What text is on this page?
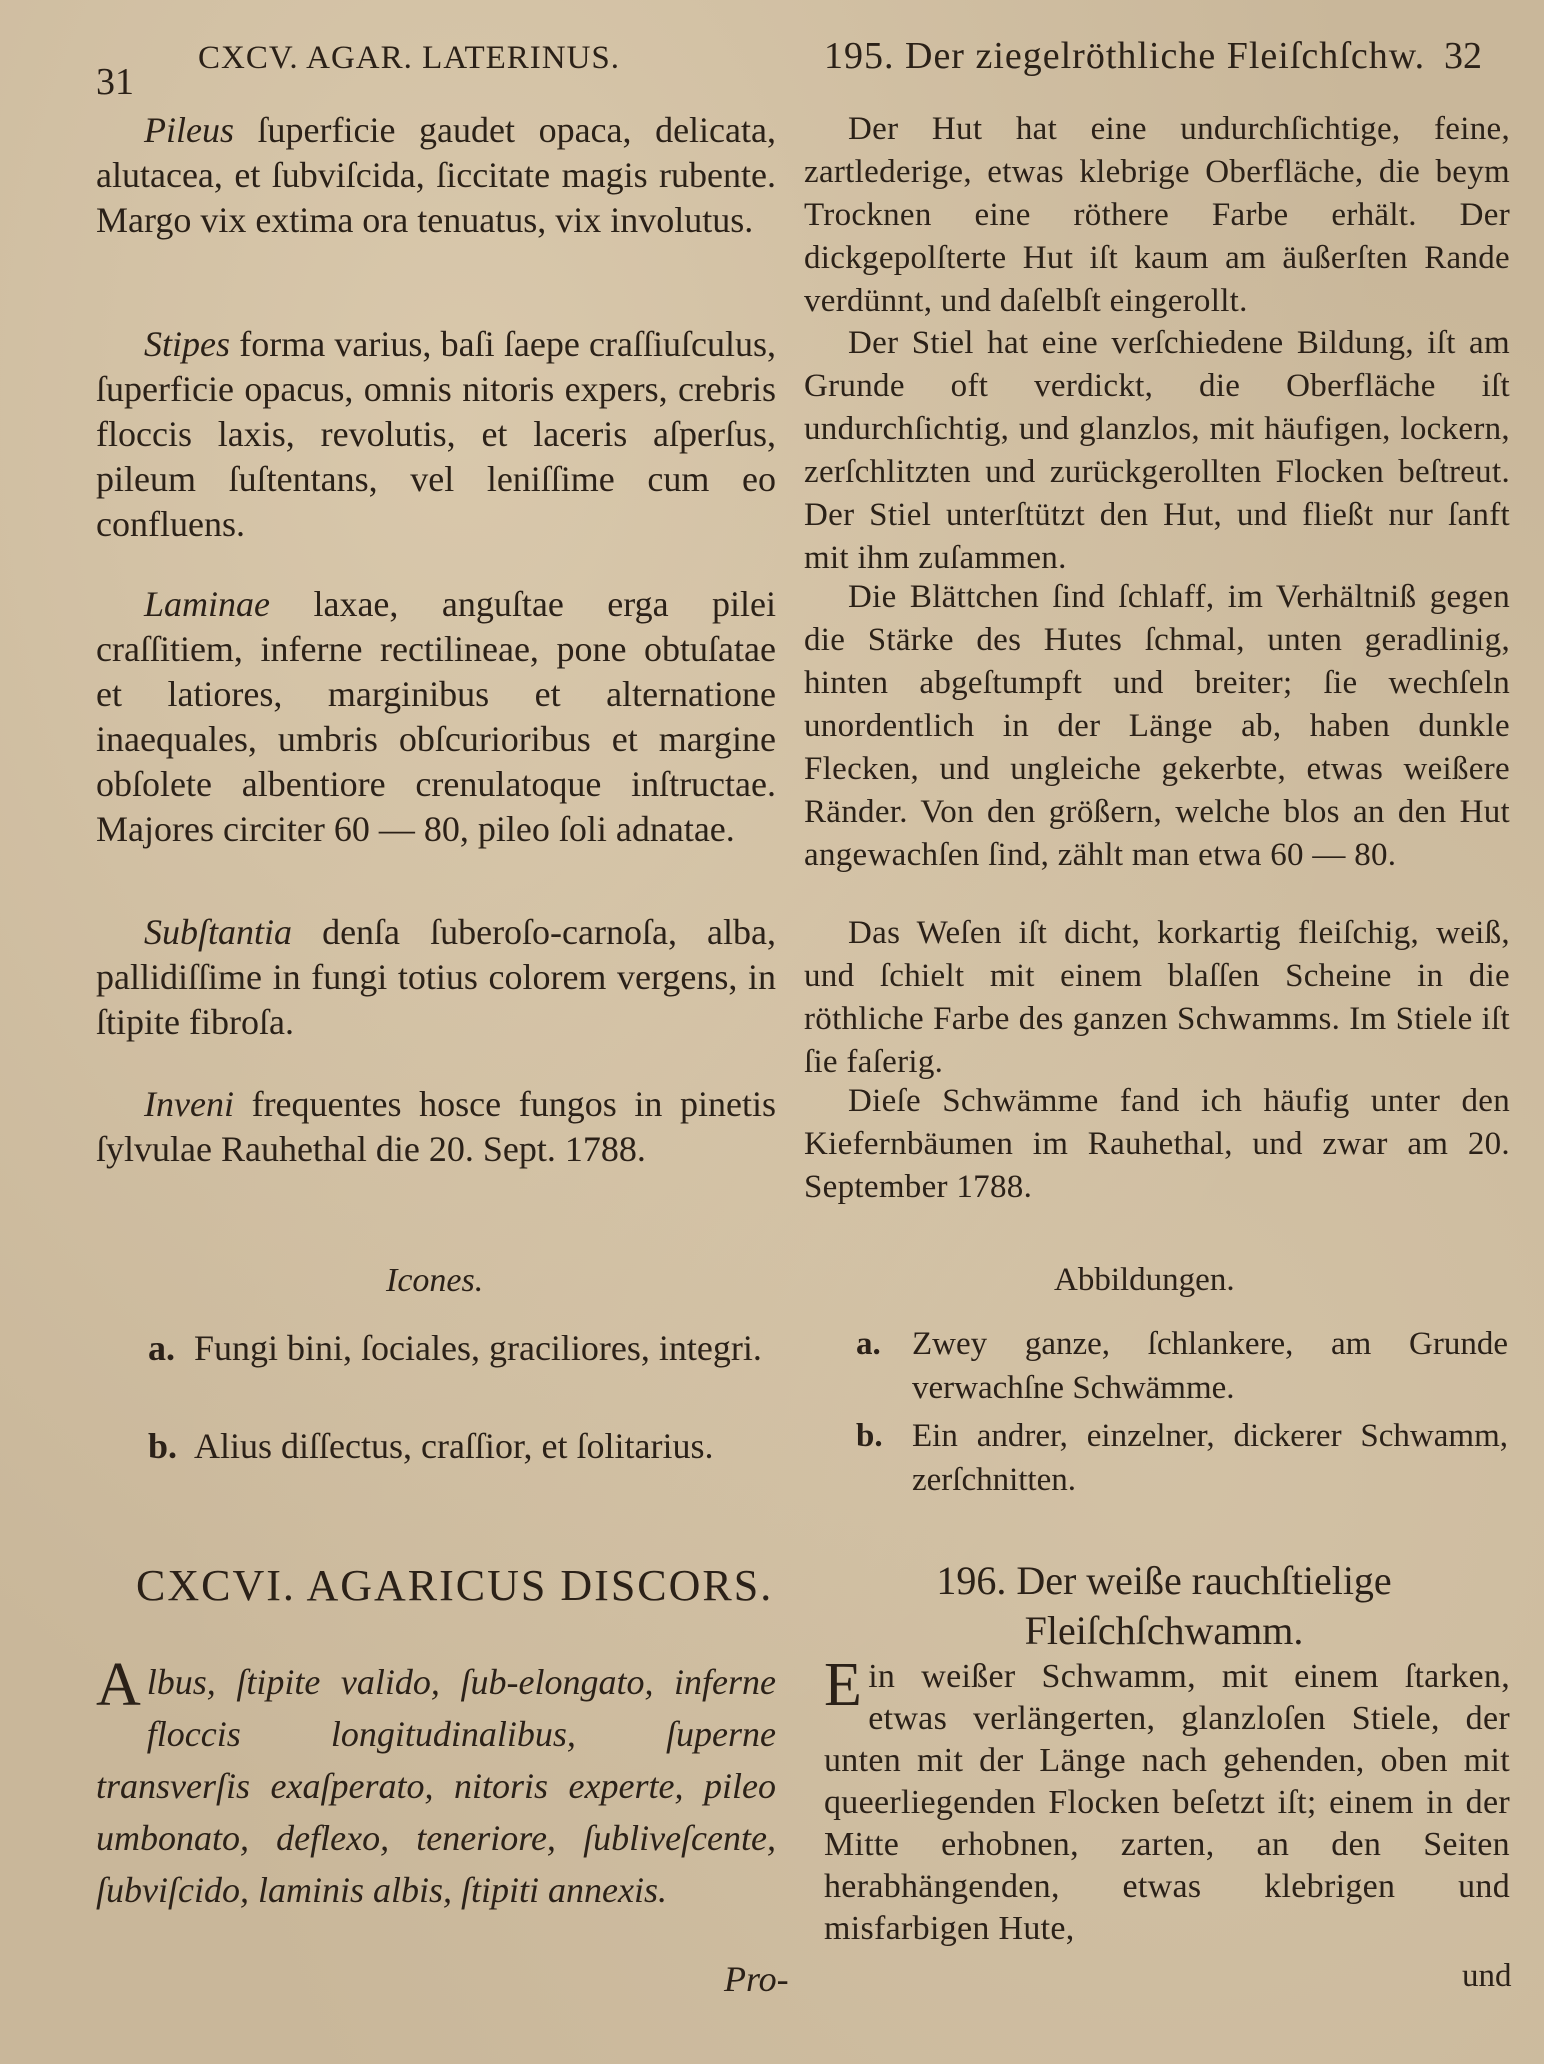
31
CXCV. AGAR. LATERINUS.
Pileus ſuperficie gaudet opaca, delicata, alutacea, et ſubviſcida, ſiccitate magis rubente. Margo vix extima ora tenuatus, vix involutus.
Stipes forma varius, baſi ſaepe craſſiuſculus, ſuperficie opacus, omnis nitoris expers, crebris floccis laxis, revolutis, et laceris aſperſus, pileum ſuſtentans, vel leniſſime cum eo confluens.
Laminae laxae, anguſtae erga pilei craſſitiem, inferne rectilineae, pone obtuſatae et latiores, marginibus et alternatione inaequales, umbris obſcurioribus et margine obſolete albentiore crenulatoque inſtructae. Majores circiter 60 — 80, pileo ſoli adnatae.
Subſtantia denſa ſuberoſo-carnoſa, alba, pallidiſſime in fungi totius colorem vergens, in ſtipite fibroſa.
Inveni frequentes hosce fungos in pinetis ſylvulae Rauhethal die 20. Sept. 1788.
Icones.
a. Fungi bini, ſociales, graciliores, integri.
b. Alius diſſectus, craſſior, et ſolitarius.
CXCVI. AGARICUS DISCORS.
Albus, ſtipite valido, ſub-elongato, inferne floccis longitudinalibus, ſuperne transverſis exaſperato, nitoris experte, pileo umbonato, deflexo, teneriore, ſubliveſcente, ſubviſcido, laminis albis, ſtipiti annexis.
Pro-
195. Der ziegelröthliche Fleiſchſchw. 32
Der Hut hat eine undurchſichtige, feine, zartlederige, etwas klebrige Oberfläche, die beym Trocknen eine röthere Farbe erhält. Der dickgepolſterte Hut iſt kaum am äußerſten Rande verdünnt, und daſelbſt eingerollt.
Der Stiel hat eine verſchiedene Bildung, iſt am Grunde oft verdickt, die Oberfläche iſt undurchſichtig, und glanzlos, mit häufigen, lockern, zerſchlitzten und zurückgerollten Flocken beſtreut. Der Stiel unterſtützt den Hut, und fließt nur ſanft mit ihm zuſammen.
Die Blättchen ſind ſchlaff, im Verhältniß gegen die Stärke des Hutes ſchmal, unten geradlinig, hinten abgeſtumpft und breiter; ſie wechſeln unordentlich in der Länge ab, haben dunkle Flecken, und ungleiche gekerbte, etwas weißere Ränder. Von den größern, welche blos an den Hut angewachſen ſind, zählt man etwa 60 — 80.
Das Weſen iſt dicht, korkartig fleiſchig, weiß, und ſchielt mit einem blaſſen Scheine in die röthliche Farbe des ganzen Schwamms. Im Stiele iſt ſie faſerig.
Dieſe Schwämme fand ich häufig unter den Kiefernbäumen im Rauhethal, und zwar am 20. September 1788.
Abbildungen.
a. Zwey ganze, ſchlankere, am Grunde verwachſne Schwämme.
b. Ein andrer, einzelner, dickerer Schwamm, zerſchnitten.
196. Der weiße rauchſtielige Fleiſchſchwamm.
Ein weißer Schwamm, mit einem ſtarken, etwas verlängerten, glanzloſen Stiele, der unten mit der Länge nach gehenden, oben mit queerliegenden Flocken beſetzt iſt; einem in der Mitte erhobnen, zarten, an den Seiten herabhängenden, etwas klebrigen und misfarbigen Hute,
und
